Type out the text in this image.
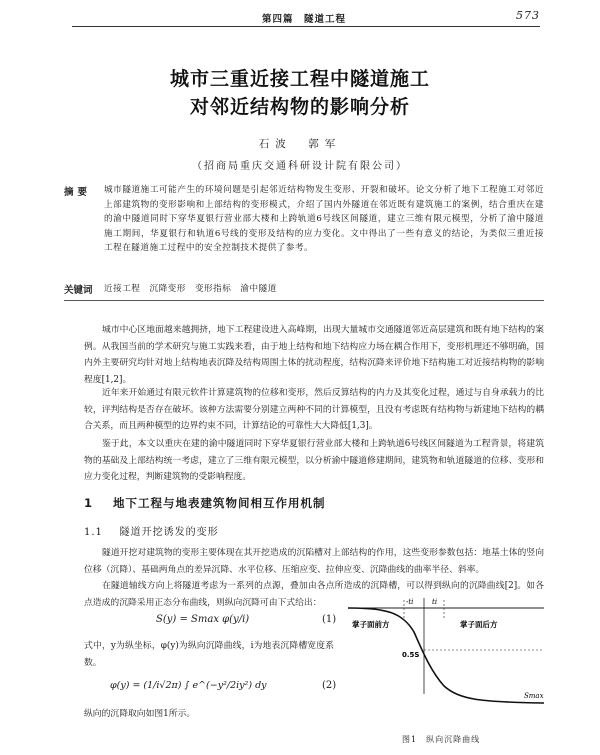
第四篇　隧道工程	573
城市三重近接工程中隧道施工
对邻近结构物的影响分析
石波　郭军
（招商局重庆交通科研设计院有限公司）
摘要 城市隧道施工可能产生的环境问题是引起邻近结构物发生变形、开裂和破坏。论文分析了地下工程施工对邻近上部建筑物的变形影响和上部结构的变形模式，介绍了国内外隧道在邻近既有建筑施工的案例，结合重庆在建的渝中隧道同时下穿华夏银行营业部大楼和上跨轨道6号线区间隧道，建立三维有限元模型，分析了渝中隧道施工期间，华夏银行和轨道6号线的变形及结构的应力变化。文中得出了一些有意义的结论，为类似三重近接工程在隧道施工过程中的安全控制技术提供了参考。
关键词 近接工程　沉降变形　变形指标　渝中隧道
城市中心区地面越来越拥挤，地下工程建设进入高峰期，出现大量城市交通隧道邻近高层建筑和既有地下结构的案例。从我国当前的学术研究与施工实践来看，由于地上结构和地下结构应力场在耦合作用下，变形机理还不够明确，国内外主要研究均针对地上结构地表沉降及结构周围土体的扰动程度，结构沉降来评价地下结构施工对近接结构物的影响程度[1,2]。
近年来开始通过有限元软件计算建筑物的位移和变形，然后反算结构的内力及其变化过程，通过与自身承载力的比较，评判结构是否存在破坏。该种方法需要分别建立两种不同的计算模型，且没有考虑既有结构物与新建地下结构的耦合关系，而且两种模型的边界约束不同，计算结论的可靠性大大降低[1,3]。
鉴于此，本文以重庆在建的渝中隧道同时下穿华夏银行营业部大楼和上跨轨道6号线区间隧道为工程背景，将建筑物的基础及上部结构统一考虑，建立了三维有限元模型，以分析渝中隧道修建期间，建筑物和轨道隧道的位移、变形和应力变化过程，判断建筑物的受影响程度。
1 地下工程与地表建筑物间相互作用机制
1.1 隧道开挖诱发的变形
隧道开挖对建筑物的变形主要体现在其开挖造成的沉陷槽对上部结构的作用，这些变形参数包括：地基土体的竖向位移（沉降）、基础两角点的差异沉降、水平位移、压缩应变、拉伸应变、沉降曲线的曲率半径、斜率。
在隧道轴线方向上将隧道考虑为一系列的点源，叠加由各点所造成的沉降槽，可以得到纵向的沉降曲线[2]。如各点造成的沉降采用正态分布曲线，则纵向沉降可由下式给出：
S(y) = Smax φ(y/i)	(1)
式中，y为纵坐标，φ(y)为纵向沉降曲线，i为地表沉降槽宽度系数。
φ(y) = (1/i√2π) ∫ e^(−y²/2iy²) dy	(2)
纵向的沉降取向如图1所示。
-ti	ti
0.5S
掌子面前方	掌子面后方
Smax
图1　纵向沉降曲线
